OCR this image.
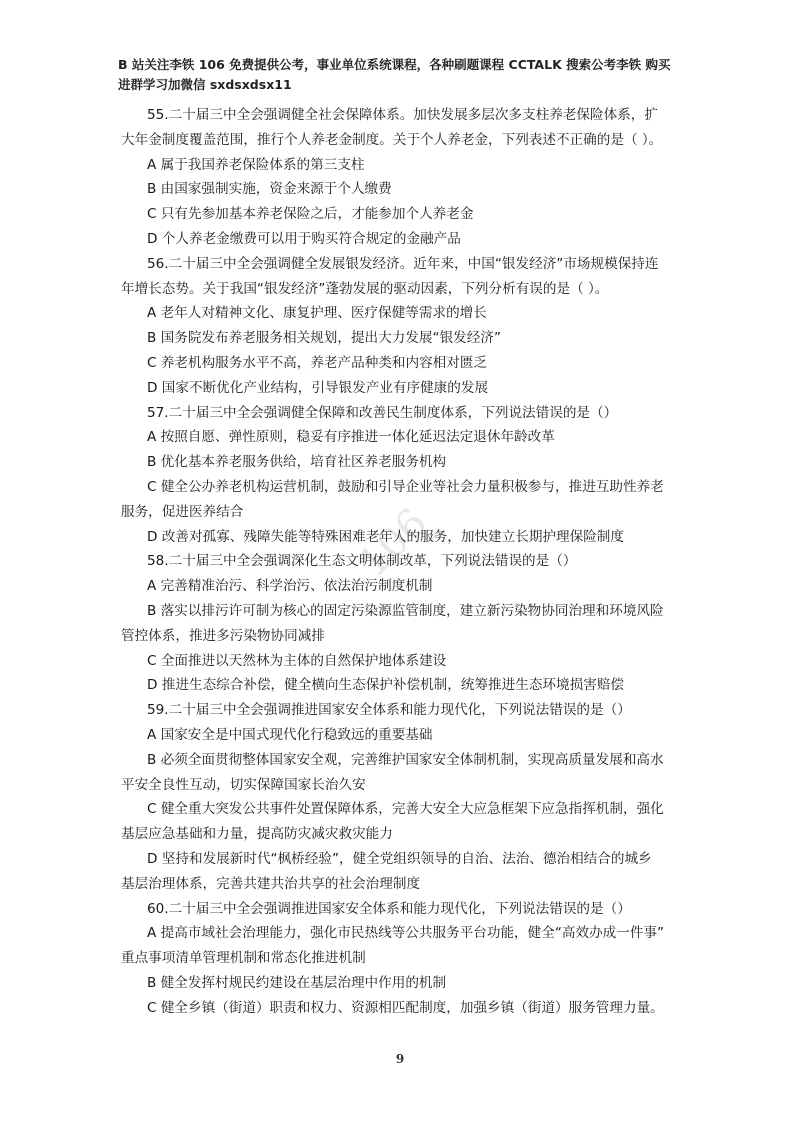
B 站关注李铁 106 免费提供公考，事业单位系统课程，各种刷题课程 CCTALK 搜索公考李铁 购买
进群学习加微信 sxdsxdsx11
106
55.二十届三中全会强调健全社会保障体系。加快发展多层次多支柱养老保险体系，扩
大年金制度覆盖范围，推行个人养老金制度。关于个人养老金，下列表述不正确的是（ ）。
A 属于我国养老保险体系的第三支柱
B 由国家强制实施，资金来源于个人缴费
C 只有先参加基本养老保险之后，才能参加个人养老金
D 个人养老金缴费可以用于购买符合规定的金融产品
56.二十届三中全会强调健全发展银发经济。近年来，中国“银发经济”市场规模保持连
年增长态势。关于我国“银发经济”蓬勃发展的驱动因素，下列分析有误的是（ ）。
A 老年人对精神文化、康复护理、医疗保健等需求的增长
B 国务院发布养老服务相关规划，提出大力发展“银发经济”
C 养老机构服务水平不高，养老产品种类和内容相对匮乏
D 国家不断优化产业结构，引导银发产业有序健康的发展
57.二十届三中全会强调健全保障和改善民生制度体系，下列说法错误的是（）
A 按照自愿、弹性原则，稳妥有序推进一体化延迟法定退休年龄改革
B 优化基本养老服务供给，培育社区养老服务机构
C 健全公办养老机构运营机制，鼓励和引导企业等社会力量积极参与，推进互助性养老
服务，促进医养结合
D 改善对孤寡、残障失能等特殊困难老年人的服务，加快建立长期护理保险制度
58.二十届三中全会强调深化生态文明体制改革，下列说法错误的是（）
A 完善精准治污、科学治污、依法治污制度机制
B 落实以排污许可制为核心的固定污染源监管制度，建立新污染物协同治理和环境风险
管控体系，推进多污染物协同减排
C 全面推进以天然林为主体的自然保护地体系建设
D 推进生态综合补偿，健全横向生态保护补偿机制，统筹推进生态环境损害赔偿
59.二十届三中全会强调推进国家安全体系和能力现代化，下列说法错误的是（）
A 国家安全是中国式现代化行稳致远的重要基础
B 必须全面贯彻整体国家安全观，完善维护国家安全体制机制，实现高质量发展和高水
平安全良性互动，切实保障国家长治久安
C 健全重大突发公共事件处置保障体系，完善大安全大应急框架下应急指挥机制，强化
基层应急基础和力量，提高防灾减灾救灾能力
D 坚持和发展新时代“枫桥经验”，健全党组织领导的自治、法治、德治相结合的城乡
基层治理体系，完善共建共治共享的社会治理制度
60.二十届三中全会强调推进国家安全体系和能力现代化，下列说法错误的是（）
A 提高市域社会治理能力，强化市民热线等公共服务平台功能，健全“高效办成一件事”
重点事项清单管理机制和常态化推进机制
B 健全发挥村规民约建设在基层治理中作用的机制
C 健全乡镇（街道）职责和权力、资源相匹配制度，加强乡镇（街道）服务管理力量。
9
